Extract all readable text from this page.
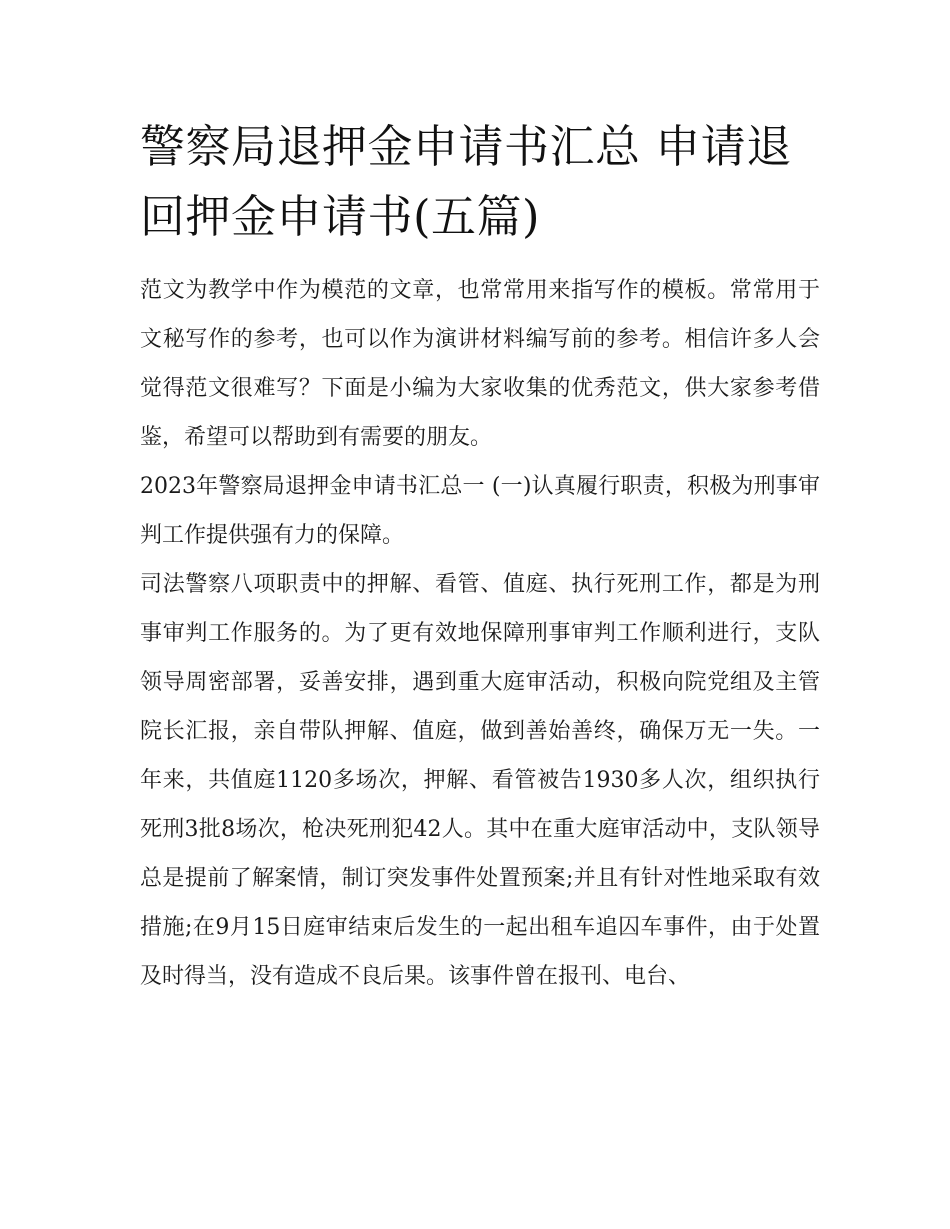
警察局退押金申请书汇总 申请退回押金申请书(五篇)

范文为教学中作为模范的文章，也常常用来指写作的模板。常常用于文秘写作的参考，也可以作为演讲材料编写前的参考。相信许多人会觉得范文很难写？下面是小编为大家收集的优秀范文，供大家参考借鉴，希望可以帮助到有需要的朋友。

2023年警察局退押金申请书汇总一 (一)认真履行职责，积极为刑事审判工作提供强有力的保障。

司法警察八项职责中的押解、看管、值庭、执行死刑工作，都是为刑事审判工作服务的。为了更有效地保障刑事审判工作顺利进行，支队领导周密部署，妥善安排，遇到重大庭审活动，积极向院党组及主管院长汇报，亲自带队押解、值庭，做到善始善终，确保万无一失。一年来，共值庭1120多场次，押解、看管被告1930多人次，组织执行死刑3批8场次，枪决死刑犯42人。其中在重大庭审活动中，支队领导总是提前了解案情，制订突发事件处置预案;并且有针对性地采取有效措施;在9月15日庭审结束后发生的一起出租车追囚车事件，由于处置及时得当，没有造成不良后果。该事件曾在报刊、电台、
